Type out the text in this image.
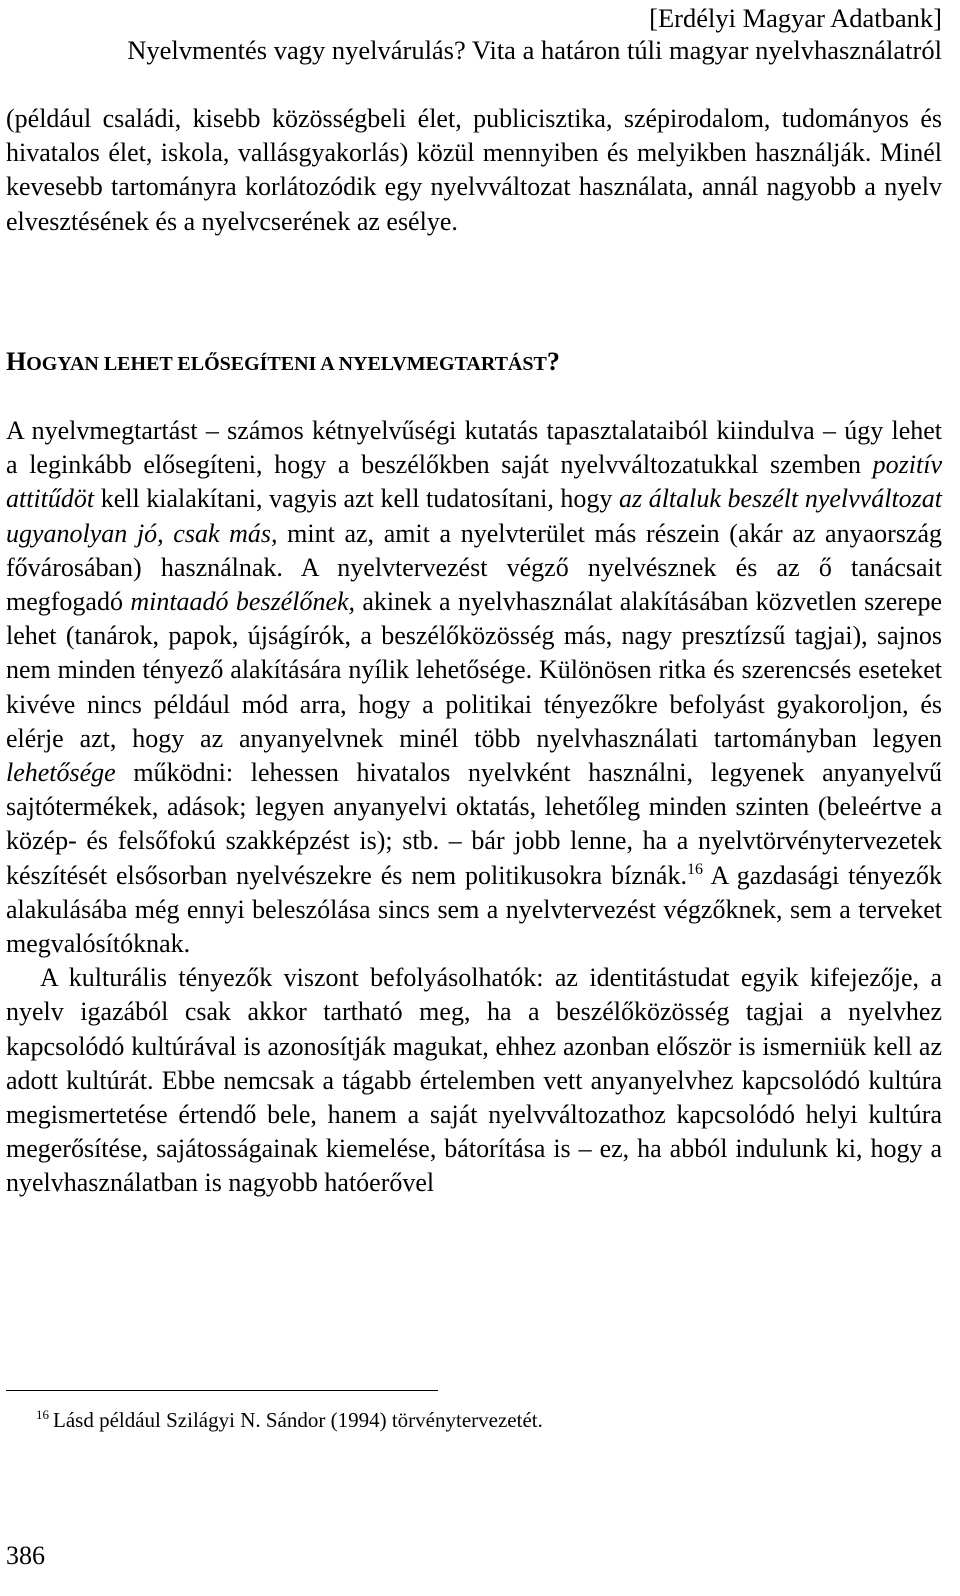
[Erdélyi Magyar Adatbank]
Nyelvmentés vagy nyelvárulás? Vita a határon túli magyar nyelvhasználatról

(például családi, kisebb közösségbeli élet, publicisztika, szépirodalom, tudományos és hivatalos élet, iskola, vallásgyakorlás) közül mennyiben és melyikben használják. Minél kevesebb tartományra korlátozódik egy nyelvváltozat használata, annál nagyobb a nyelv elvesztésének és a nyelvcserének az esélye.

HOGYAN LEHET ELŐSEGÍTENI A NYELVMEGTARTÁST?

A nyelvmegtartást – számos kétnyelvűségi kutatás tapasztalataiból kiindulva – úgy lehet a leginkább elősegíteni, hogy a beszélőkben saját nyelvváltozatukkal szemben pozitív attitűdöt kell kialakítani, vagyis azt kell tudatosítani, hogy az általuk beszélt nyelvváltozat ugyanolyan jó, csak más, mint az, amit a nyelvterület más részein (akár az anyaország fővárosában) használnak. A nyelvtervezést végző nyelvésznek és az ő tanácsait megfogadó mintaadó beszélőnek, akinek a nyelvhasználat alakításában közvetlen szerepe lehet (tanárok, papok, újságírók, a beszélőközösség más, nagy presztízsű tagjai), sajnos nem minden tényező alakítására nyílik lehetősége. Különösen ritka és szerencsés eseteket kivéve nincs például mód arra, hogy a politikai tényezőkre befolyást gyakoroljon, és elérje azt, hogy az anyanyelvnek minél több nyelvhasználati tartományban legyen lehetősége működni: lehessen hivatalos nyelvként használni, legyenek anyanyelvű sajtótermékek, adások; legyen anyanyelvi oktatás, lehetőleg minden szinten (beleértve a közép- és felsőfokú szakképzést is); stb. – bár jobb lenne, ha a nyelvtörvénytervezetek készítését elsősorban nyelvészekre és nem politikusokra bíznák.$^{16}$ A gazdasági tényezők alakulásába még ennyi beleszólása sincs sem a nyelvtervezést végzőknek, sem a terveket megvalósítóknak.

A kulturális tényezők viszont befolyásolhatók: az identitástudat egyik kifejezője, a nyelv igazából csak akkor tartható meg, ha a beszélőközösség tagjai a nyelvhez kapcsolódó kultúrával is azonosítják magukat, ehhez azonban először is ismerniük kell az adott kultúrát. Ebbe nemcsak a tágabb értelemben vett anyanyelvhez kapcsolódó kultúra megismertetése értendő bele, hanem a saját nyelvváltozathoz kapcsolódó helyi kultúra megerősítése, sajátosságainak kiemelése, bátorítása is – ez, ha abból indulunk ki, hogy a nyelvhasználatban is nagyobb hatóerővel

$^{16}$ Lásd például Szilágyi N. Sándor (1994) törvénytervezetét.
386
